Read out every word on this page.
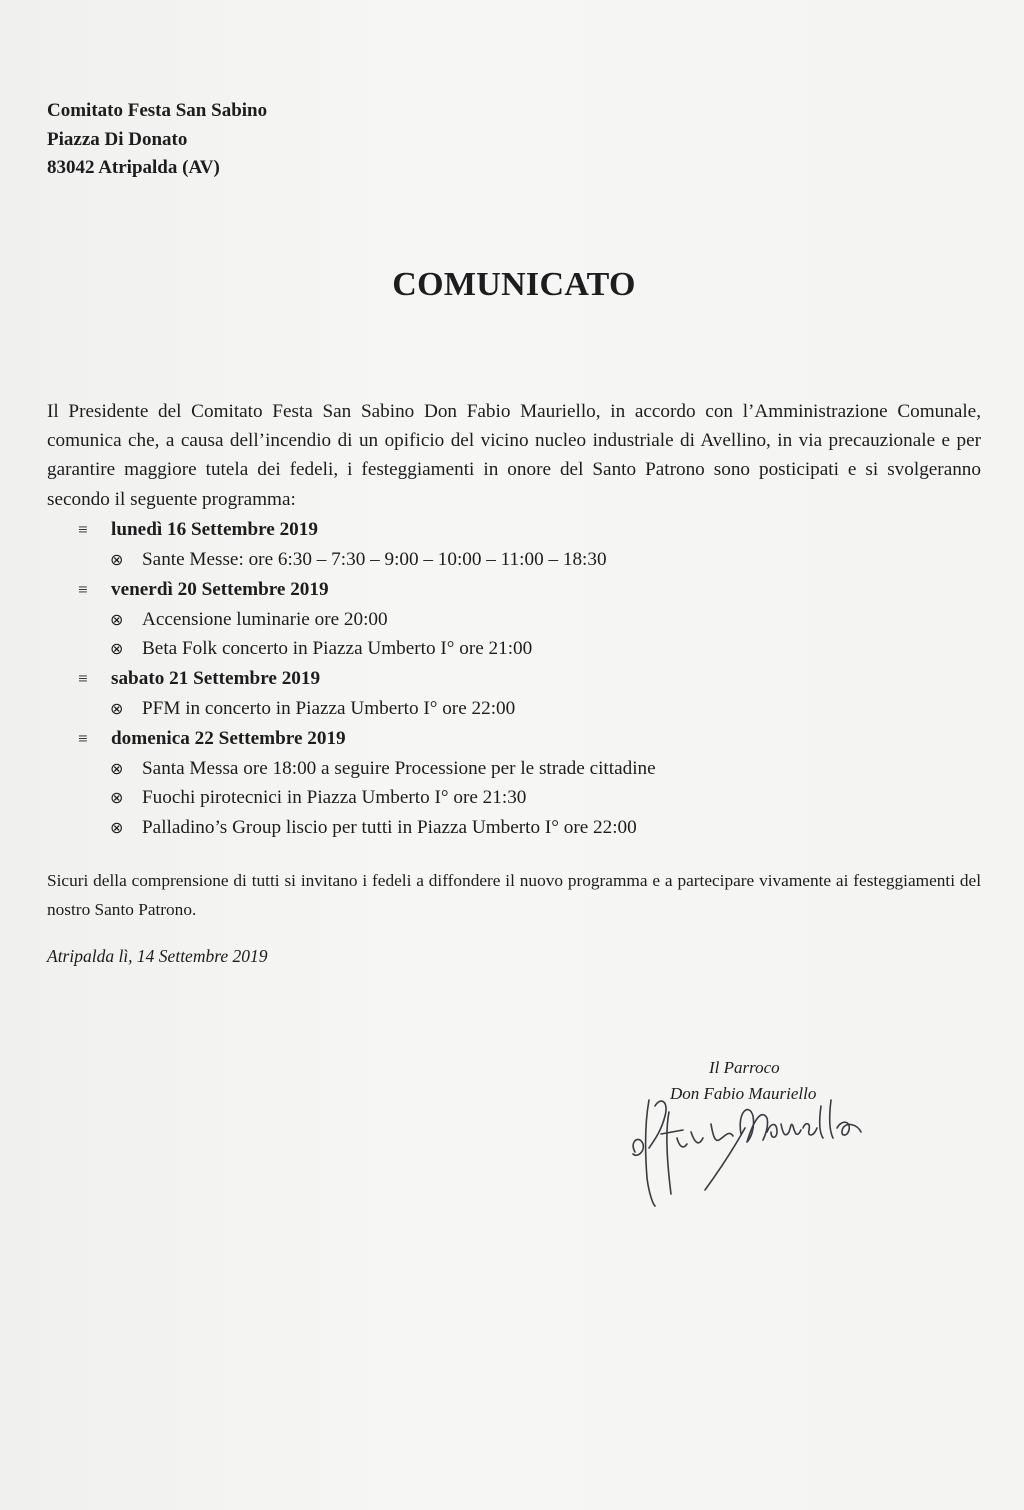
Comitato Festa San Sabino
Piazza Di Donato
83042 Atripalda (AV)
COMUNICATO
Il Presidente del Comitato Festa San Sabino Don Fabio Mauriello, in accordo con l’Amministrazione Comunale, comunica che, a causa dell’incendio di un opificio del vicino nucleo industriale di Avellino, in via precauzionale e per garantire maggiore tutela dei fedeli, i festeggiamenti in onore del Santo Patrono sono posticipati e si svolgeranno secondo il seguente programma:
≡ lunedì 16 Settembre 2019
⊗ Sante Messe: ore 6:30 – 7:30 – 9:00 – 10:00 – 11:00 – 18:30
≡ venerdì 20 Settembre 2019
⊗ Accensione luminarie ore 20:00
⊗ Beta Folk concerto in Piazza Umberto I° ore 21:00
≡ sabato 21 Settembre 2019
⊗ PFM in concerto in Piazza Umberto I° ore 22:00
≡ domenica 22 Settembre 2019
⊗ Santa Messa ore 18:00 a seguire Processione per le strade cittadine
⊗ Fuochi pirotecnici in Piazza Umberto I° ore 21:30
⊗ Palladino’s Group liscio per tutti in Piazza Umberto I° ore 22:00
Sicuri della comprensione di tutti si invitano i fedeli a diffondere il nuovo programma e a partecipare vivamente ai festeggiamenti del nostro Santo Patrono.
Atripalda lì, 14 Settembre 2019
Il Parroco
Don Fabio Mauriello
